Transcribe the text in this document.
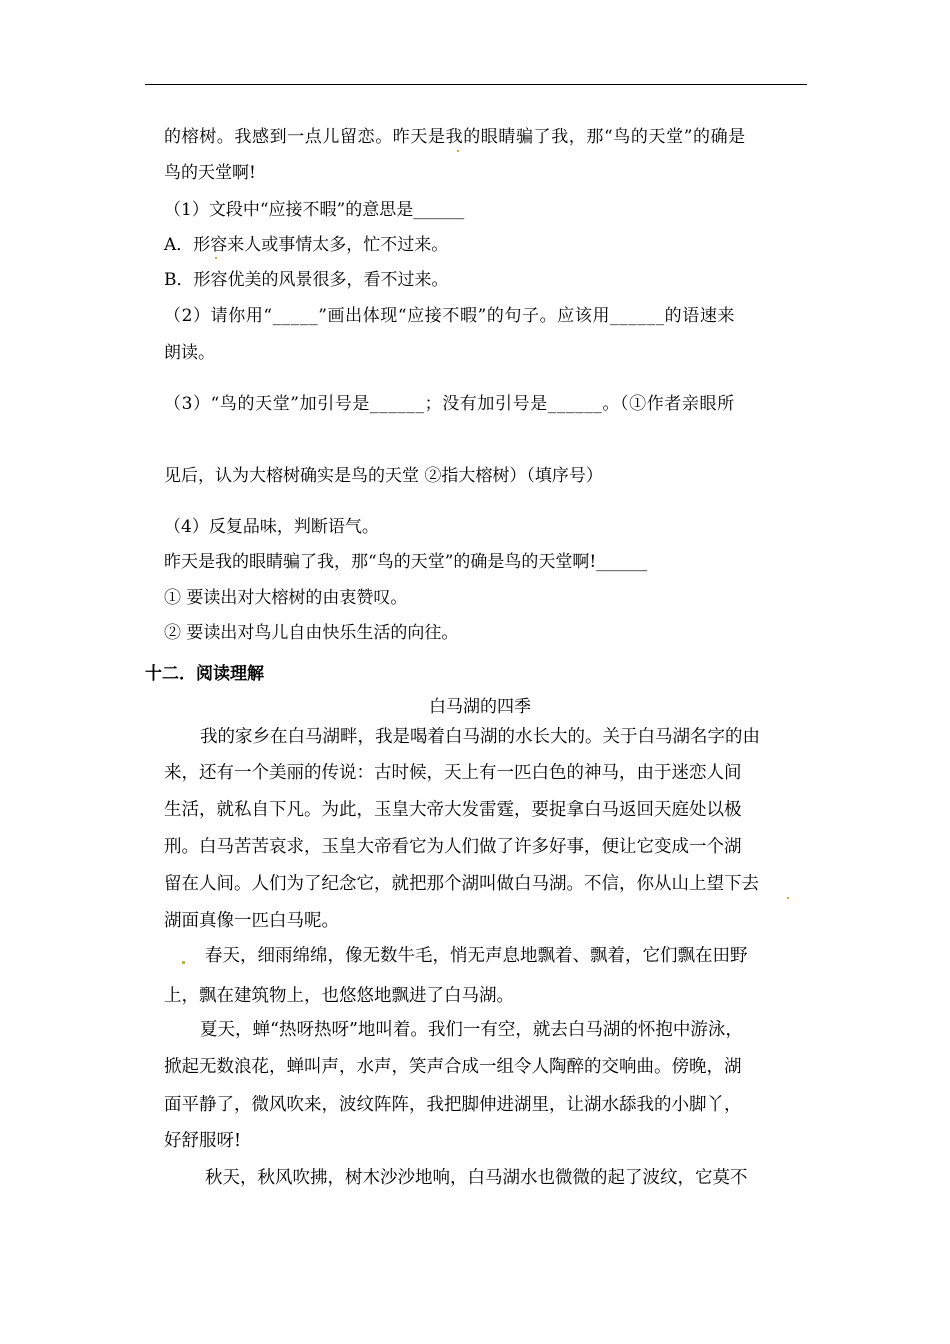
的榕树。我感到一点儿留恋。昨天是我的眼睛骗了我，那“鸟的天堂”的确是
鸟的天堂啊!
（1）文段中“应接不暇”的意思是______
A．形容来人或事情太多，忙不过来。
B．形容优美的风景很多，看不过来。
（2）请你用“_____”画出体现“应接不暇”的句子。应该用______的语速来
朗读。
（3）“鸟的天堂”加引号是______；没有加引号是______。（①作者亲眼所
见后，认为大榕树确实是鸟的天堂 ②指大榕树）（填序号）
（4）反复品味，判断语气。
昨天是我的眼睛骗了我，那“鸟的天堂”的确是鸟的天堂啊!______
① 要读出对大榕树的由衷赞叹。
② 要读出对鸟儿自由快乐生活的向往。
十二．阅读理解
白马湖的四季
我的家乡在白马湖畔，我是喝着白马湖的水长大的。关于白马湖名字的由
来，还有一个美丽的传说：古时候，天上有一匹白色的神马，由于迷恋人间
生活，就私自下凡。为此，玉皇大帝大发雷霆，要捉拿白马返回天庭处以极
刑。白马苦苦哀求，玉皇大帝看它为人们做了许多好事，便让它变成一个湖
留在人间。人们为了纪念它，就把那个湖叫做白马湖。不信，你从山上望下去
湖面真像一匹白马呢。
春天，细雨绵绵，像无数牛毛，悄无声息地飘着、飘着，它们飘在田野
上，飘在建筑物上，也悠悠地飘进了白马湖。
夏天，蝉“热呀热呀”地叫着。我们一有空，就去白马湖的怀抱中游泳，
掀起无数浪花，蝉叫声，水声，笑声合成一组令人陶醉的交响曲。傍晚，湖
面平静了，微风吹来，波纹阵阵，我把脚伸进湖里，让湖水舔我的小脚丫，
好舒服呀!
秋天，秋风吹拂，树木沙沙地响，白马湖水也微微的起了波纹，它莫不
